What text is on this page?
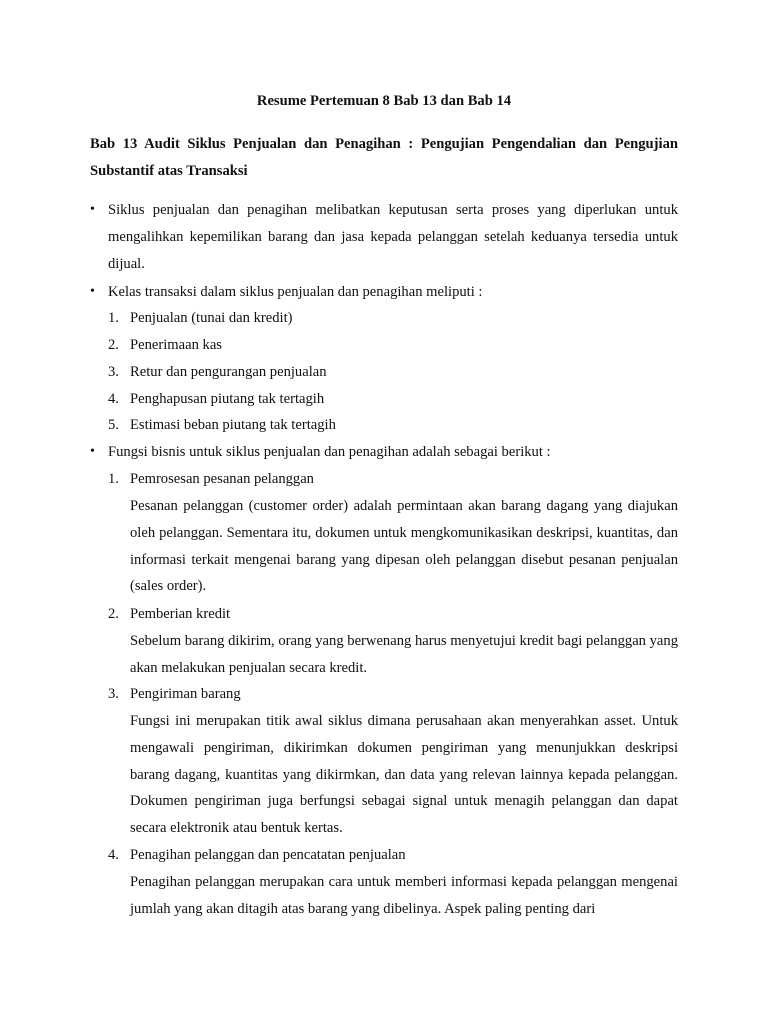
Resume Pertemuan 8 Bab 13 dan Bab 14
Bab 13 Audit Siklus Penjualan dan Penagihan : Pengujian Pengendalian dan Pengujian Substantif atas Transaksi
• Siklus penjualan dan penagihan melibatkan keputusan serta proses yang diperlukan untuk mengalihkan kepemilikan barang dan jasa kepada pelanggan setelah keduanya tersedia untuk dijual.
• Kelas transaksi dalam siklus penjualan dan penagihan meliputi :
1. Penjualan (tunai dan kredit)
2. Penerimaan kas
3. Retur dan pengurangan penjualan
4. Penghapusan piutang tak tertagih
5. Estimasi beban piutang tak tertagih
• Fungsi bisnis untuk siklus penjualan dan penagihan adalah sebagai berikut :
1. Pemrosesan pesanan pelanggan
Pesanan pelanggan (customer order) adalah permintaan akan barang dagang yang diajukan oleh pelanggan. Sementara itu, dokumen untuk mengkomunikasikan deskripsi, kuantitas, dan informasi terkait mengenai barang yang dipesan oleh pelanggan disebut pesanan penjualan (sales order).
2. Pemberian kredit
Sebelum barang dikirim, orang yang berwenang harus menyetujui kredit bagi pelanggan yang akan melakukan penjualan secara kredit.
3. Pengiriman barang
Fungsi ini merupakan titik awal siklus dimana perusahaan akan menyerahkan asset. Untuk mengawali pengiriman, dikirimkan dokumen pengiriman yang menunjukkan deskripsi barang dagang, kuantitas yang dikirmkan, dan data yang relevan lainnya kepada pelanggan. Dokumen pengiriman juga berfungsi sebagai signal untuk menagih pelanggan dan dapat secara elektronik atau bentuk kertas.
4. Penagihan pelanggan dan pencatatan penjualan
Penagihan pelanggan merupakan cara untuk memberi informasi kepada pelanggan mengenai jumlah yang akan ditagih atas barang yang dibelinya. Aspek paling penting dari
